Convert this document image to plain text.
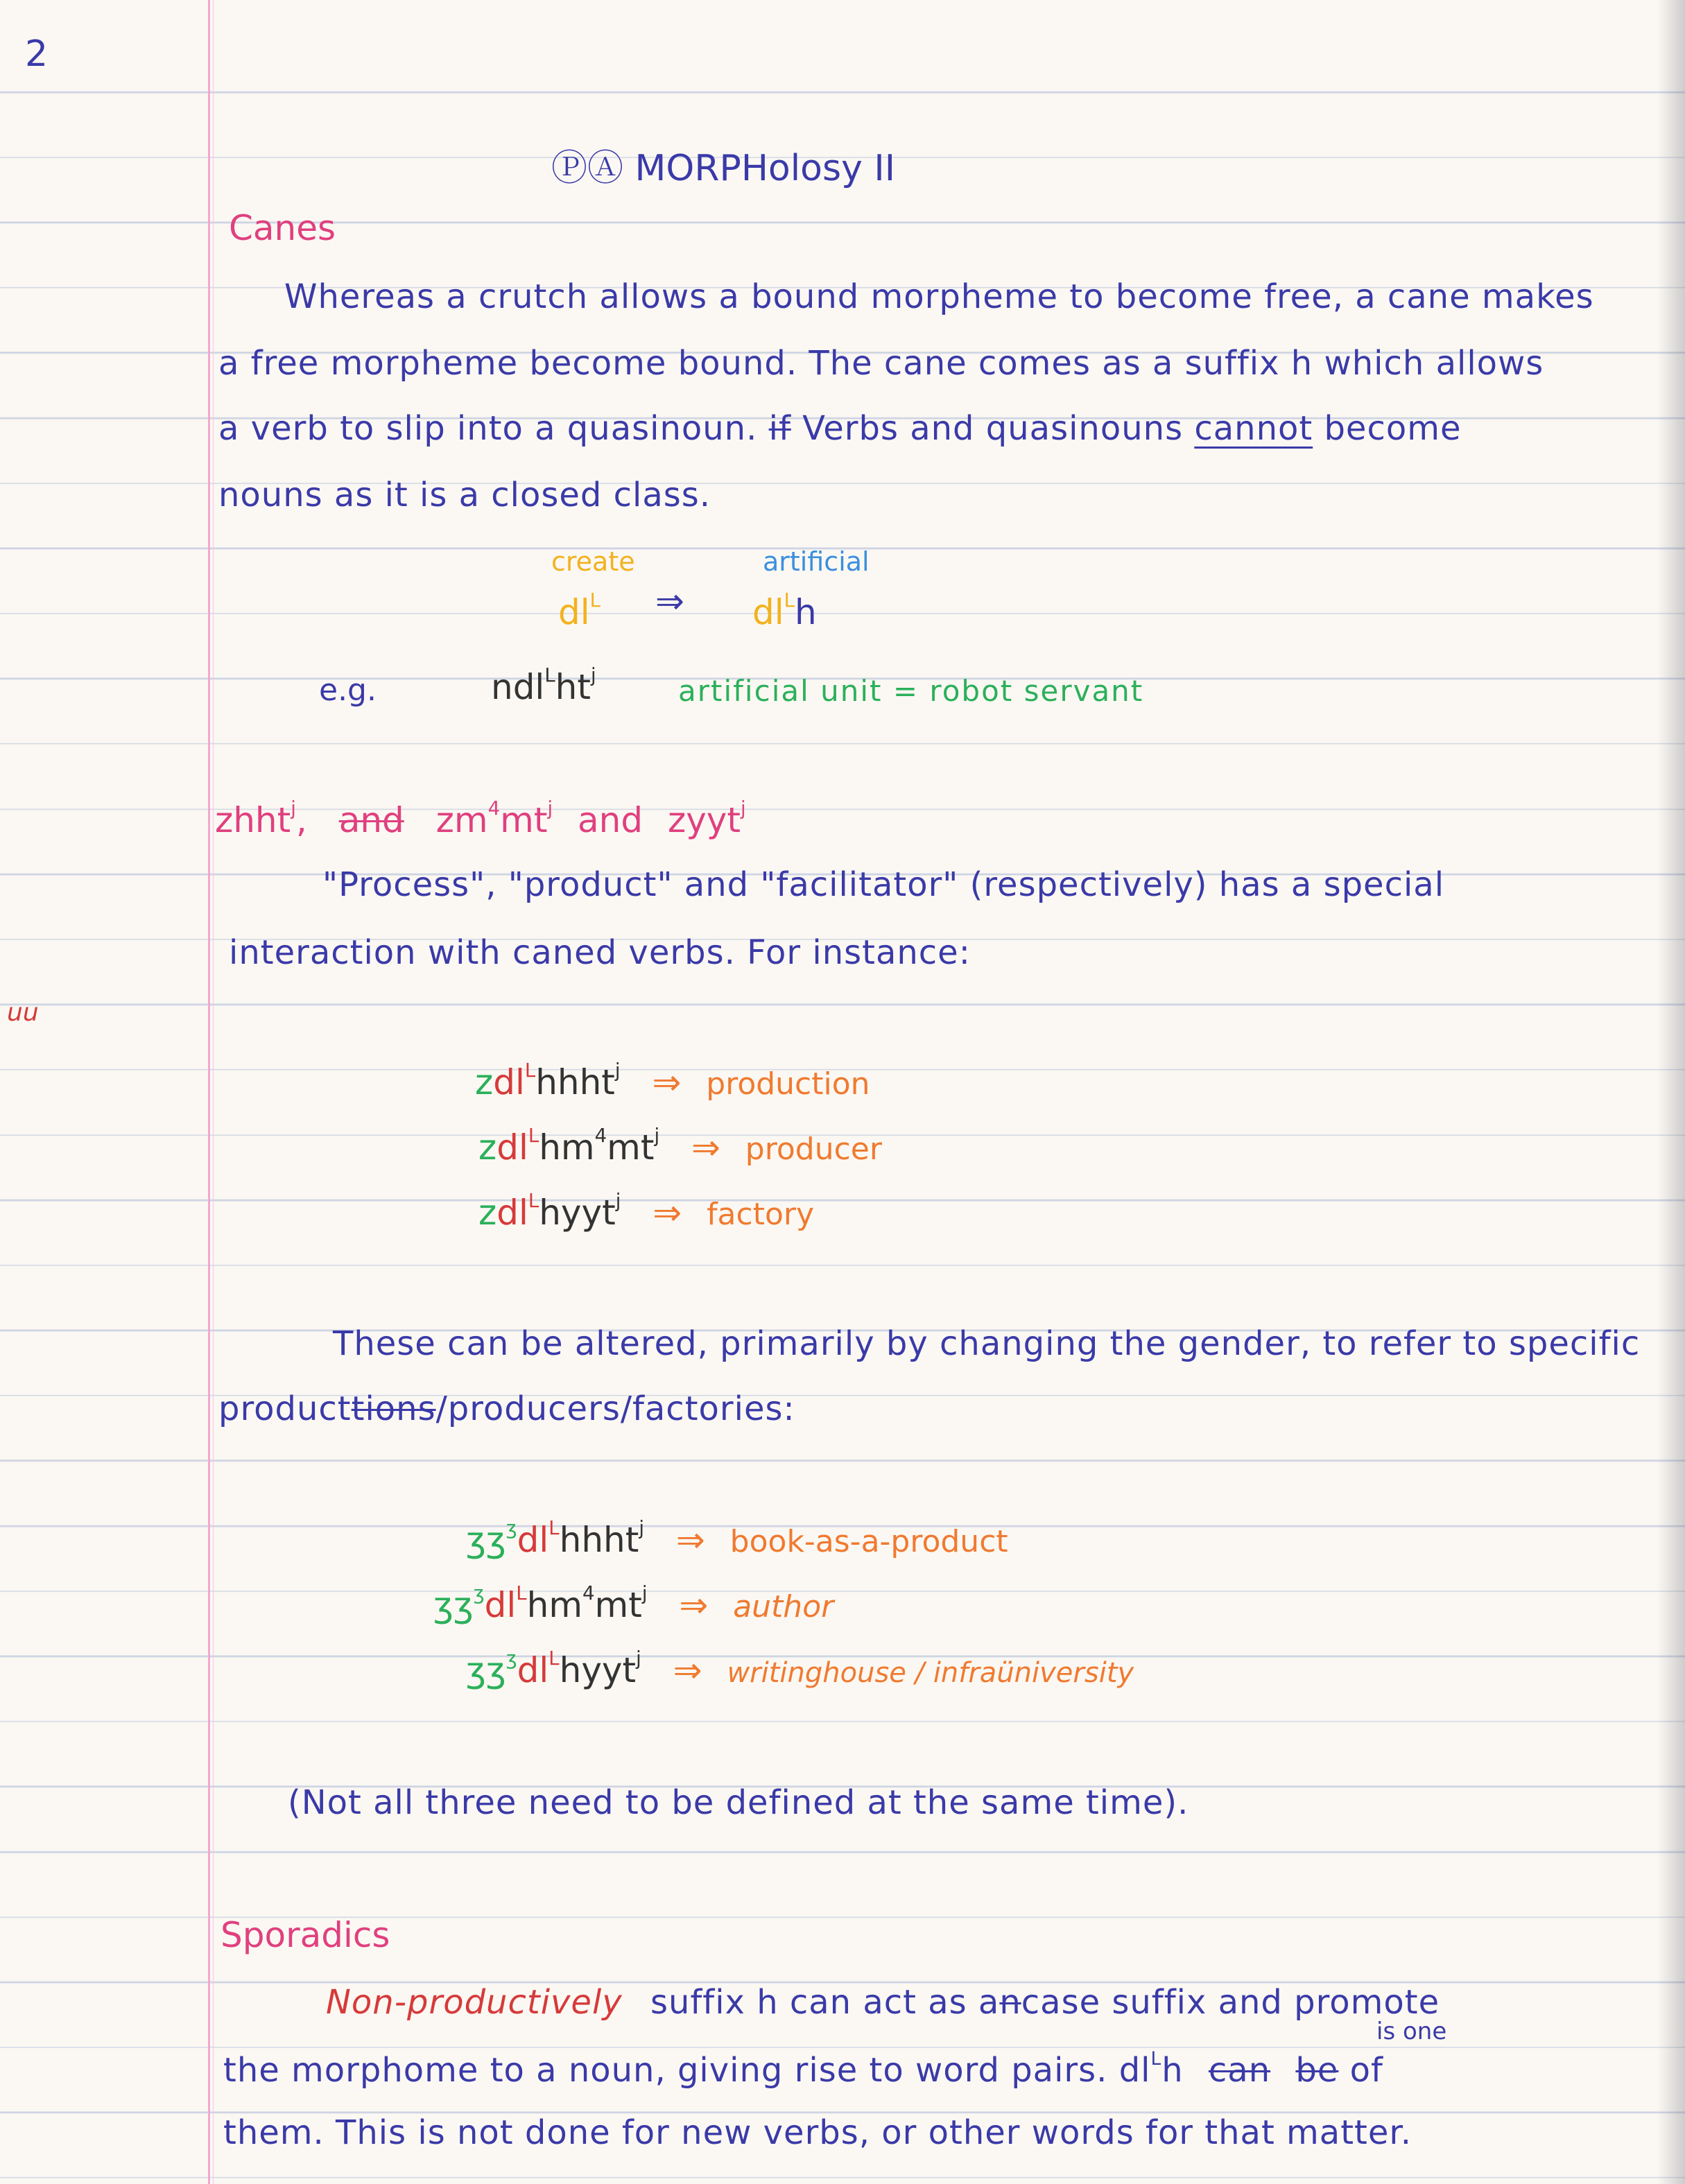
2
ⓅⒶ MORPHolosy II
Canes
Whereas a crutch allows a bound morpheme to become free, a cane makes
a free morpheme become bound. The cane comes as a suffix h which allows
a verb to slip into a quasinoun. if Verbs and quasinouns cannot become
nouns as it is a closed class.
create	artificial
$dl^L$ ⇒ $dl^Lh$
e.g.	$ndl^Lht^j$	artificial unit = robot servant
zhht$^j$, and $zm^4mt^j$ and zyyt$^j$
"Process", "product" and "facilitator" (respectively) has a special
interaction with caned verbs. For instance:
uu
zdl$^L$hhht$^j$ ⇒ production
$zdl^Lhm^4mt^j$ ⇒ producer
zdl$^L$hyyt$^j$ ⇒ factory
These can be altered, primarily by changing the gender, to refer to specific
producttions/producers/factories:
$ʒʒ^ʒdl^Lhhht^j$ ⇒ book-as-a-product
$ʒʒ^ʒdl^Lhm^4mt^j$ ⇒ author
$ʒʒ^ʒdl^Lhyyt^j$ ⇒ writinghouse / infraüniversity
(Not all three need to be defined at the same time).
Sporadics
Non-productively suffix h can act as ancase suffix and promote
is one
the morphome to a noun, giving rise to word pairs. $dl^Lh$ can be of
them. This is not done for new verbs, or other words for that matter.
